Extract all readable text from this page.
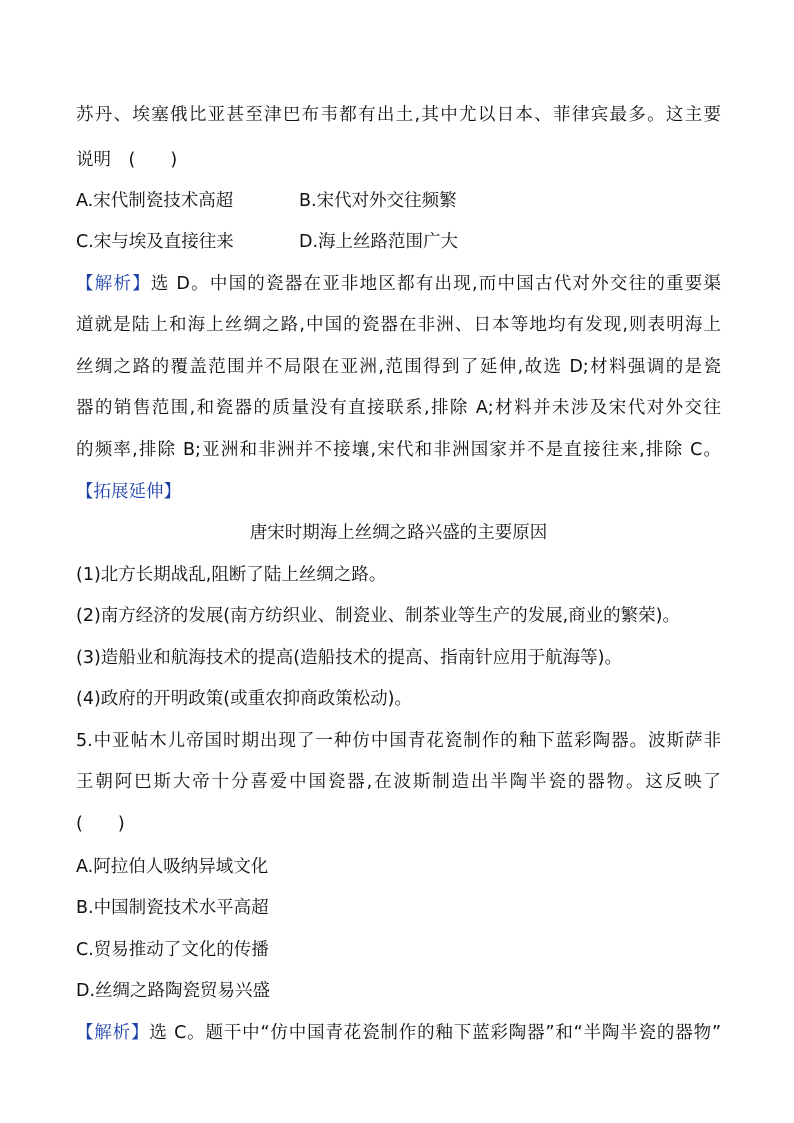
苏丹、埃塞俄比亚甚至津巴布韦都有出土,其中尤以日本、菲律宾最多。这主要
说明　(　　)
A.宋代制瓷技术高超	B.宋代对外交往频繁
C.宋与埃及直接往来	D.海上丝路范围广大
【解析】选 D。中国的瓷器在亚非地区都有出现,而中国古代对外交往的重要渠
道就是陆上和海上丝绸之路,中国的瓷器在非洲、日本等地均有发现,则表明海上
丝绸之路的覆盖范围并不局限在亚洲,范围得到了延伸,故选 D;材料强调的是瓷
器的销售范围,和瓷器的质量没有直接联系,排除 A;材料并未涉及宋代对外交往
的频率,排除 B;亚洲和非洲并不接壤,宋代和非洲国家并不是直接往来,排除 C。
【拓展延伸】
唐宋时期海上丝绸之路兴盛的主要原因
(1)北方长期战乱,阻断了陆上丝绸之路。
(2)南方经济的发展(南方纺织业、制瓷业、制茶业等生产的发展,商业的繁荣)。
(3)造船业和航海技术的提高(造船技术的提高、指南针应用于航海等)。
(4)政府的开明政策(或重农抑商政策松动)。
5.中亚帖木儿帝国时期出现了一种仿中国青花瓷制作的釉下蓝彩陶器。波斯萨非
王朝阿巴斯大帝十分喜爱中国瓷器,在波斯制造出半陶半瓷的器物。这反映了
(　　)
A.阿拉伯人吸纳异域文化
B.中国制瓷技术水平高超
C.贸易推动了文化的传播
D.丝绸之路陶瓷贸易兴盛
【解析】选 C。题干中“仿中国青花瓷制作的釉下蓝彩陶器”和“半陶半瓷的器物”
